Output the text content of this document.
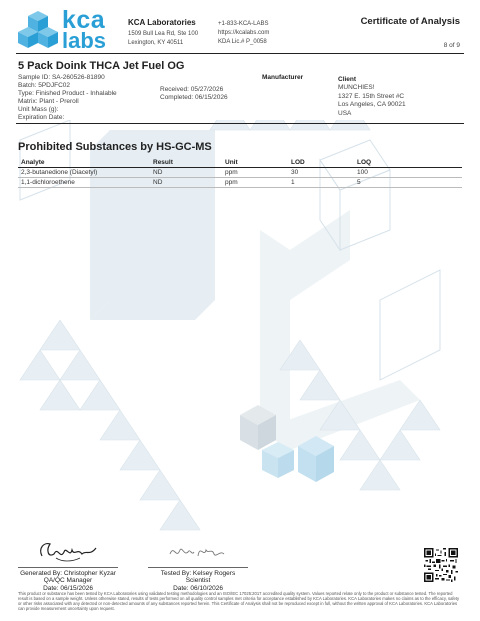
kca
labs
KCA Laboratories
1509 Bull Lea Rd, Ste 100
Lexington, KY 40511
+1-833-KCA-LABS
https://kcalabs.com
KDA Lic.# P_0058
Certificate of Analysis
8 of 9
5 Pack Doink THCA Jet Fuel OG
Sample ID: SA-260526-81890
Batch: 5PDJFC02
Type: Finished Product - Inhalable
Matrix: Plant - Preroll
Unit Mass (g):
Expiration Date:
Received: 05/27/2026
Completed: 06/15/2026
Manufacturer	Client
MUNCHIES!
1327 E. 15th Street #C
Los Angeles, CA 90021
USA
Prohibited Substances by HS-GC-MS
Analyte	Result	Unit	LOD	LOQ
2,3-butanedione (Diacetyl)	ND	ppm	30	100
1,1-dichloroethene	ND	ppm	1	5
Generated By: Christopher Kyzar
QA/QC Manager
Date: 06/15/2026
Tested By: Kelsey Rogers
Scientist
Date: 06/10/2026
This product or substance has been tested by KCA Laboratories using validated testing methodologies and an ISO/IEC 17025:2017 accredited quality system. Values reported relate only to the product or substance tested. The reported result is based on a sample weight. Unless otherwise stated, results of tests performed on all quality control samples met criteria for acceptance established by KCA Laboratories. KCA Laboratories makes no claims as to the efficacy, safety or other risks associated with any detected or non-detected amounts of any substances reported herein. This Certificate of Analysis shall not be reproduced except in full, without the written approval of KCA Laboratories. KCA Laboratories can provide measurement uncertainty upon request.
